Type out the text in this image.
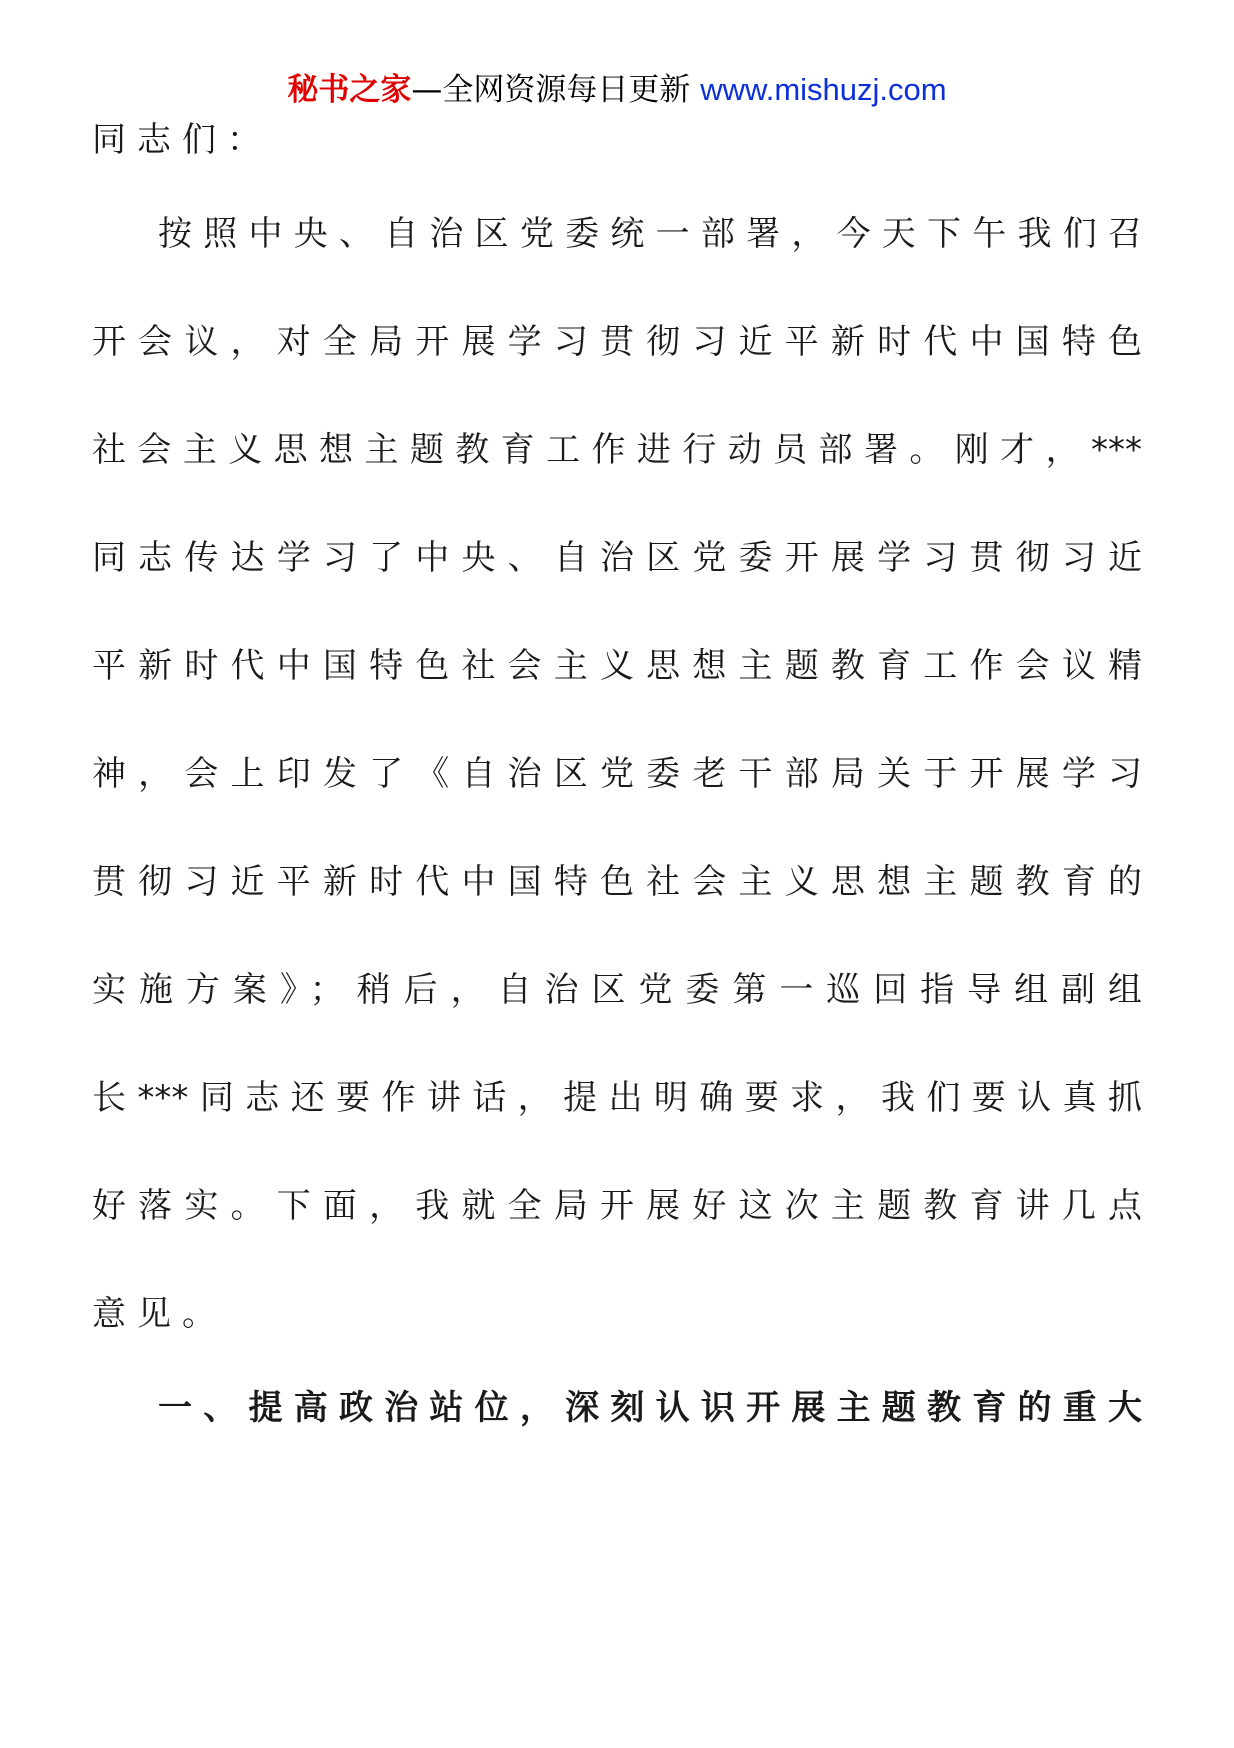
秘书之家—全网资源每日更新 www.mishuzj.com
同志们：
按照中央、自治区党委统一部署，今天下午我们召
开会议，对全局开展学习贯彻习近平新时代中国特色
社会主义思想主题教育工作进行动员部署。刚才，***
同志传达学习了中央、自治区党委开展学习贯彻习近
平新时代中国特色社会主义思想主题教育工作会议精
神，会上印发了《自治区党委老干部局关于开展学习
贯彻习近平新时代中国特色社会主义思想主题教育的
实施方案》；稍后，自治区党委第一巡回指导组副组
长***同志还要作讲话，提出明确要求，我们要认真抓
好落实。下面，我就全局开展好这次主题教育讲几点
意见。
一、提高政治站位，深刻认识开展主题教育的重大
